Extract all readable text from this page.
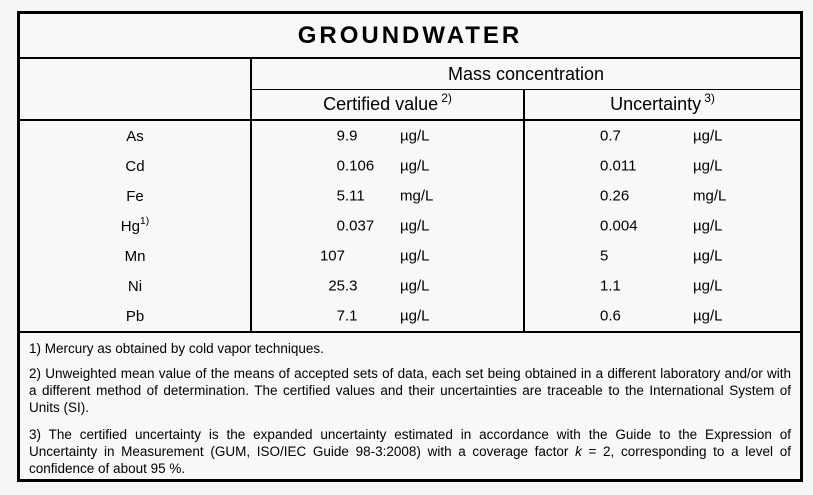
GROUNDWATER
Mass concentration
Certified value 2)	Uncertainty 3)
As	9 .9	µg/L	0.7	µg/L
Cd	0 .106 µg/L	0.011	µg/L
Fe	5 .11 mg/L	0.26	mg/L
Hg 1)	0 .037 µg/L	0.004	µg/L
Mn	107	µg/L	5	µg/L
Ni	25 .3	µg/L	1.1	µg/L
Pb	7 .1	µg/L	0.6	µg/L

1) Mercury as obtained by cold vapor techniques.

2) Unweighted mean value of the means of accepted sets of data, each set being obtained in a different laboratory and/or with a different method of determination. The certified values and their uncertainties are traceable to the International System of Units (SI).

3) The certified uncertainty is the expanded uncertainty estimated in accordance with the Guide to the Expression of Uncertainty in Measurement (GUM, ISO/IEC Guide 98-3:2008) with a coverage factor k = 2, corresponding to a level of confidence of about 95 %.
